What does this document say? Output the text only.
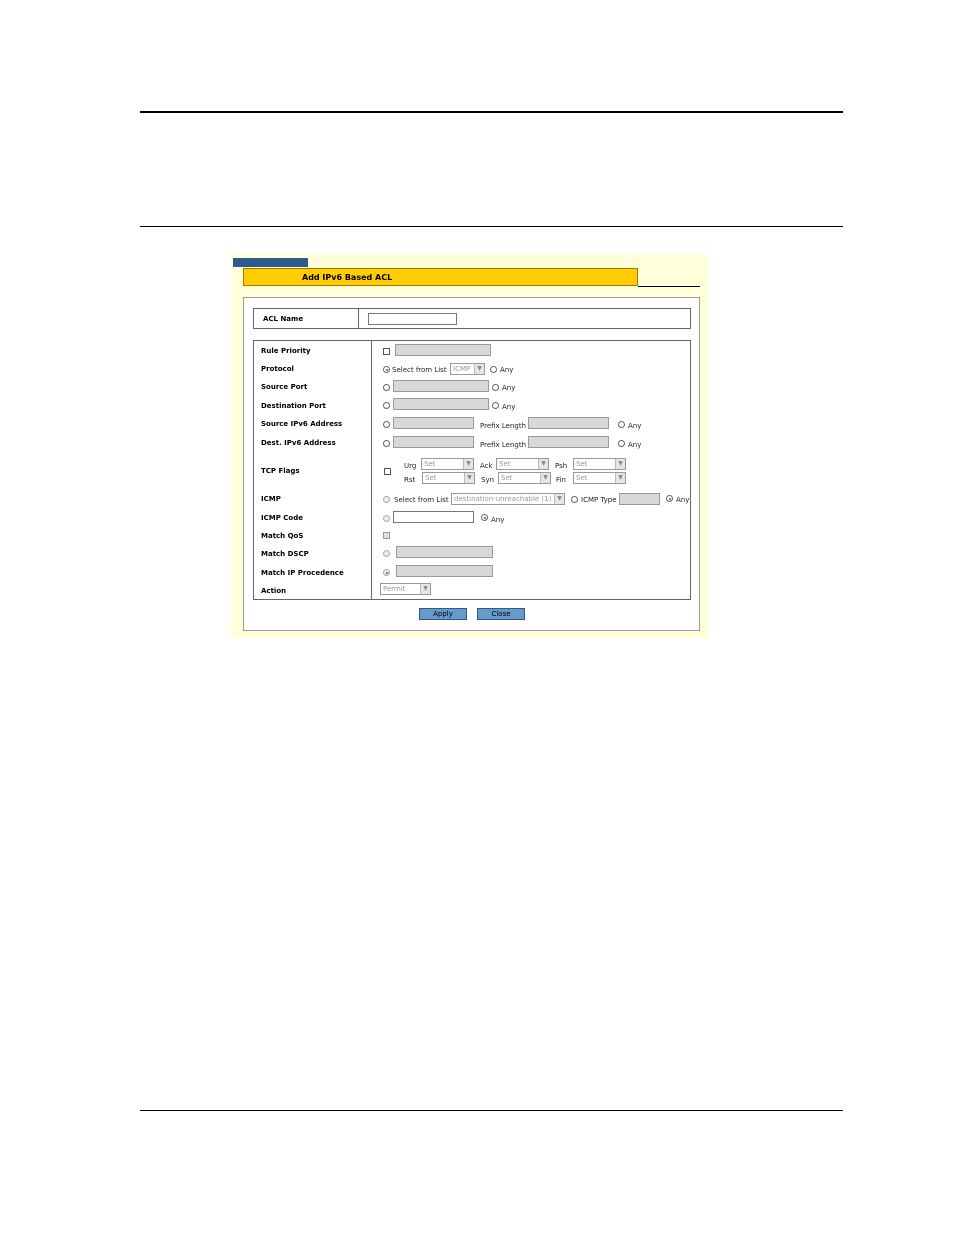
Add IPv6 Based ACL
ACL Name
Rule Priority
Protocol	Select from List ICMP	▼	Any
Source Port	Any
Destination Port	Any
Source IPv6 Address	Prefix Length	Any
Dest. IPv6 Address	Prefix Length	Any
TCP Flags
Urg	Set	▼	Ack Set	▼	Psh	Set	▼
Rst	Set	▼	Syn Set	▼	Fin	Set	▼
ICMP	Select from List destination-unreachable (1) ▼	ICMP Type	Any
ICMP Code	Any
Match QoS
Match DSCP
Match IP Procedence
Action	Permit	▼
Apply	Close
